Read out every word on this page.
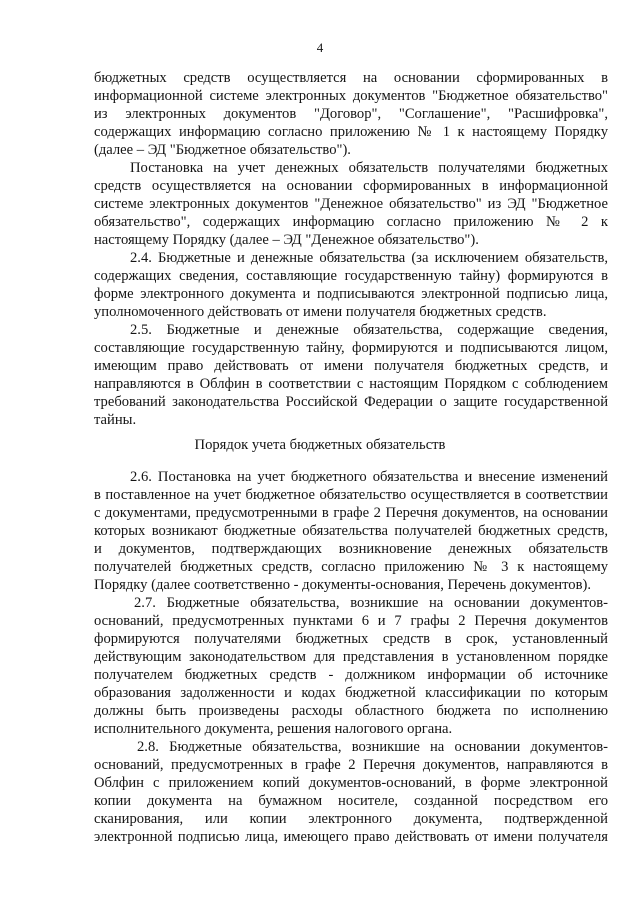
4
бюджетных средств осуществляется на основании сформированных в
информационной системе электронных документов "Бюджетное обязательство"
из электронных документов "Договор", "Соглашение", "Расшифровка",
содержащих информацию согласно приложению № 1 к настоящему Порядку
(далее – ЭД "Бюджетное обязательство").
Постановка на учет денежных обязательств получателями бюджетных
средств осуществляется на основании сформированных в информационной
системе электронных документов "Денежное обязательство" из ЭД "Бюджетное
обязательство", содержащих информацию согласно приложению № 2 к
настоящему Порядку (далее – ЭД "Денежное обязательство").
2.4. Бюджетные и денежные обязательства (за исключением обязательств,
содержащих сведения, составляющие государственную тайну) формируются в
форме электронного документа и подписываются электронной подписью лица,
уполномоченного действовать от имени получателя бюджетных средств.
2.5. Бюджетные и денежные обязательства, содержащие сведения,
составляющие государственную тайну, формируются и подписываются лицом,
имеющим право действовать от имени получателя бюджетных средств, и
направляются в Облфин в соответствии с настоящим Порядком с соблюдением
требований законодательства Российской Федерации о защите государственной
тайны.
Порядок учета бюджетных обязательств
2.6. Постановка на учет бюджетного обязательства и внесение изменений
в поставленное на учет бюджетное обязательство осуществляется в соответствии
с документами, предусмотренными в графе 2 Перечня документов, на основании
которых возникают бюджетные обязательства получателей бюджетных средств,
и документов, подтверждающих возникновение денежных обязательств
получателей бюджетных средств, согласно приложению № 3 к настоящему
Порядку (далее соответственно - документы-основания, Перечень документов).
2.7. Бюджетные обязательства, возникшие на основании документов-
оснований, предусмотренных пунктами 6 и 7 графы 2 Перечня документов
формируются получателями бюджетных средств в срок, установленный
действующим законодательством для представления в установленном порядке
получателем бюджетных средств - должником информации об источнике
образования задолженности и кодах бюджетной классификации по которым
должны быть произведены расходы областного бюджета по исполнению
исполнительного документа, решения налогового органа.
2.8. Бюджетные обязательства, возникшие на основании документов-
оснований, предусмотренных в графе 2 Перечня документов, направляются в
Облфин с приложением копий документов-оснований, в форме электронной
копии документа на бумажном носителе, созданной посредством его
сканирования, или копии электронного документа, подтвержденной
электронной подписью лица, имеющего право действовать от имени получателя
